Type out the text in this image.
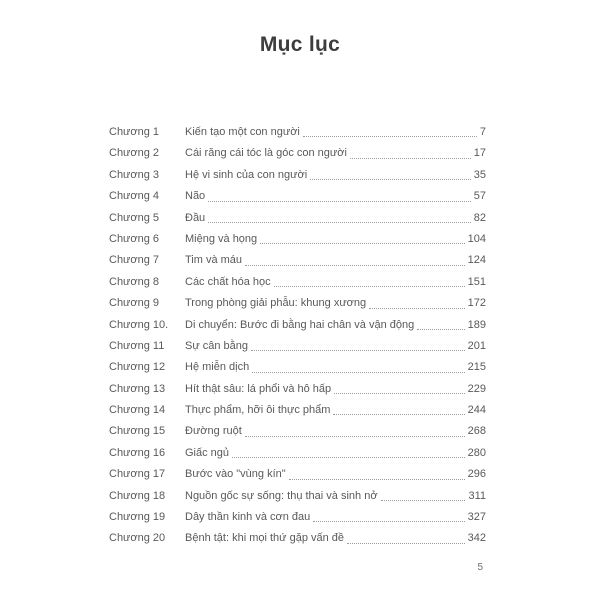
Mục lục
Chương 1	Kiến tạo một con người	7
Chương 2	Cái răng cái tóc là góc con người	17
Chương 3	Hệ vi sinh của con người	35
Chương 4	Não	57
Chương 5	Đầu	82
Chương 6	Miệng và họng	104
Chương 7	Tim và máu	124
Chương 8	Các chất hóa học	151
Chương 9	Trong phòng giải phẫu: khung xương	172
Chương 10.	Di chuyển: Bước đi bằng hai chân và vận động	189
Chương 11	Sự cân bằng	201
Chương 12	Hệ miễn dịch	215
Chương 13	Hít thật sâu: lá phổi và hô hấp	229
Chương 14	Thực phẩm, hỡi ôi thực phẩm	244
Chương 15	Đường ruột	268
Chương 16	Giấc ngủ	280
Chương 17	Bước vào "vùng kín"	296
Chương 18	Nguồn gốc sự sống: thụ thai và sinh nở	311
Chương 19	Dây thần kinh và cơn đau	327
Chương 20	Bệnh tật: khi mọi thứ gặp vấn đề	342
5
